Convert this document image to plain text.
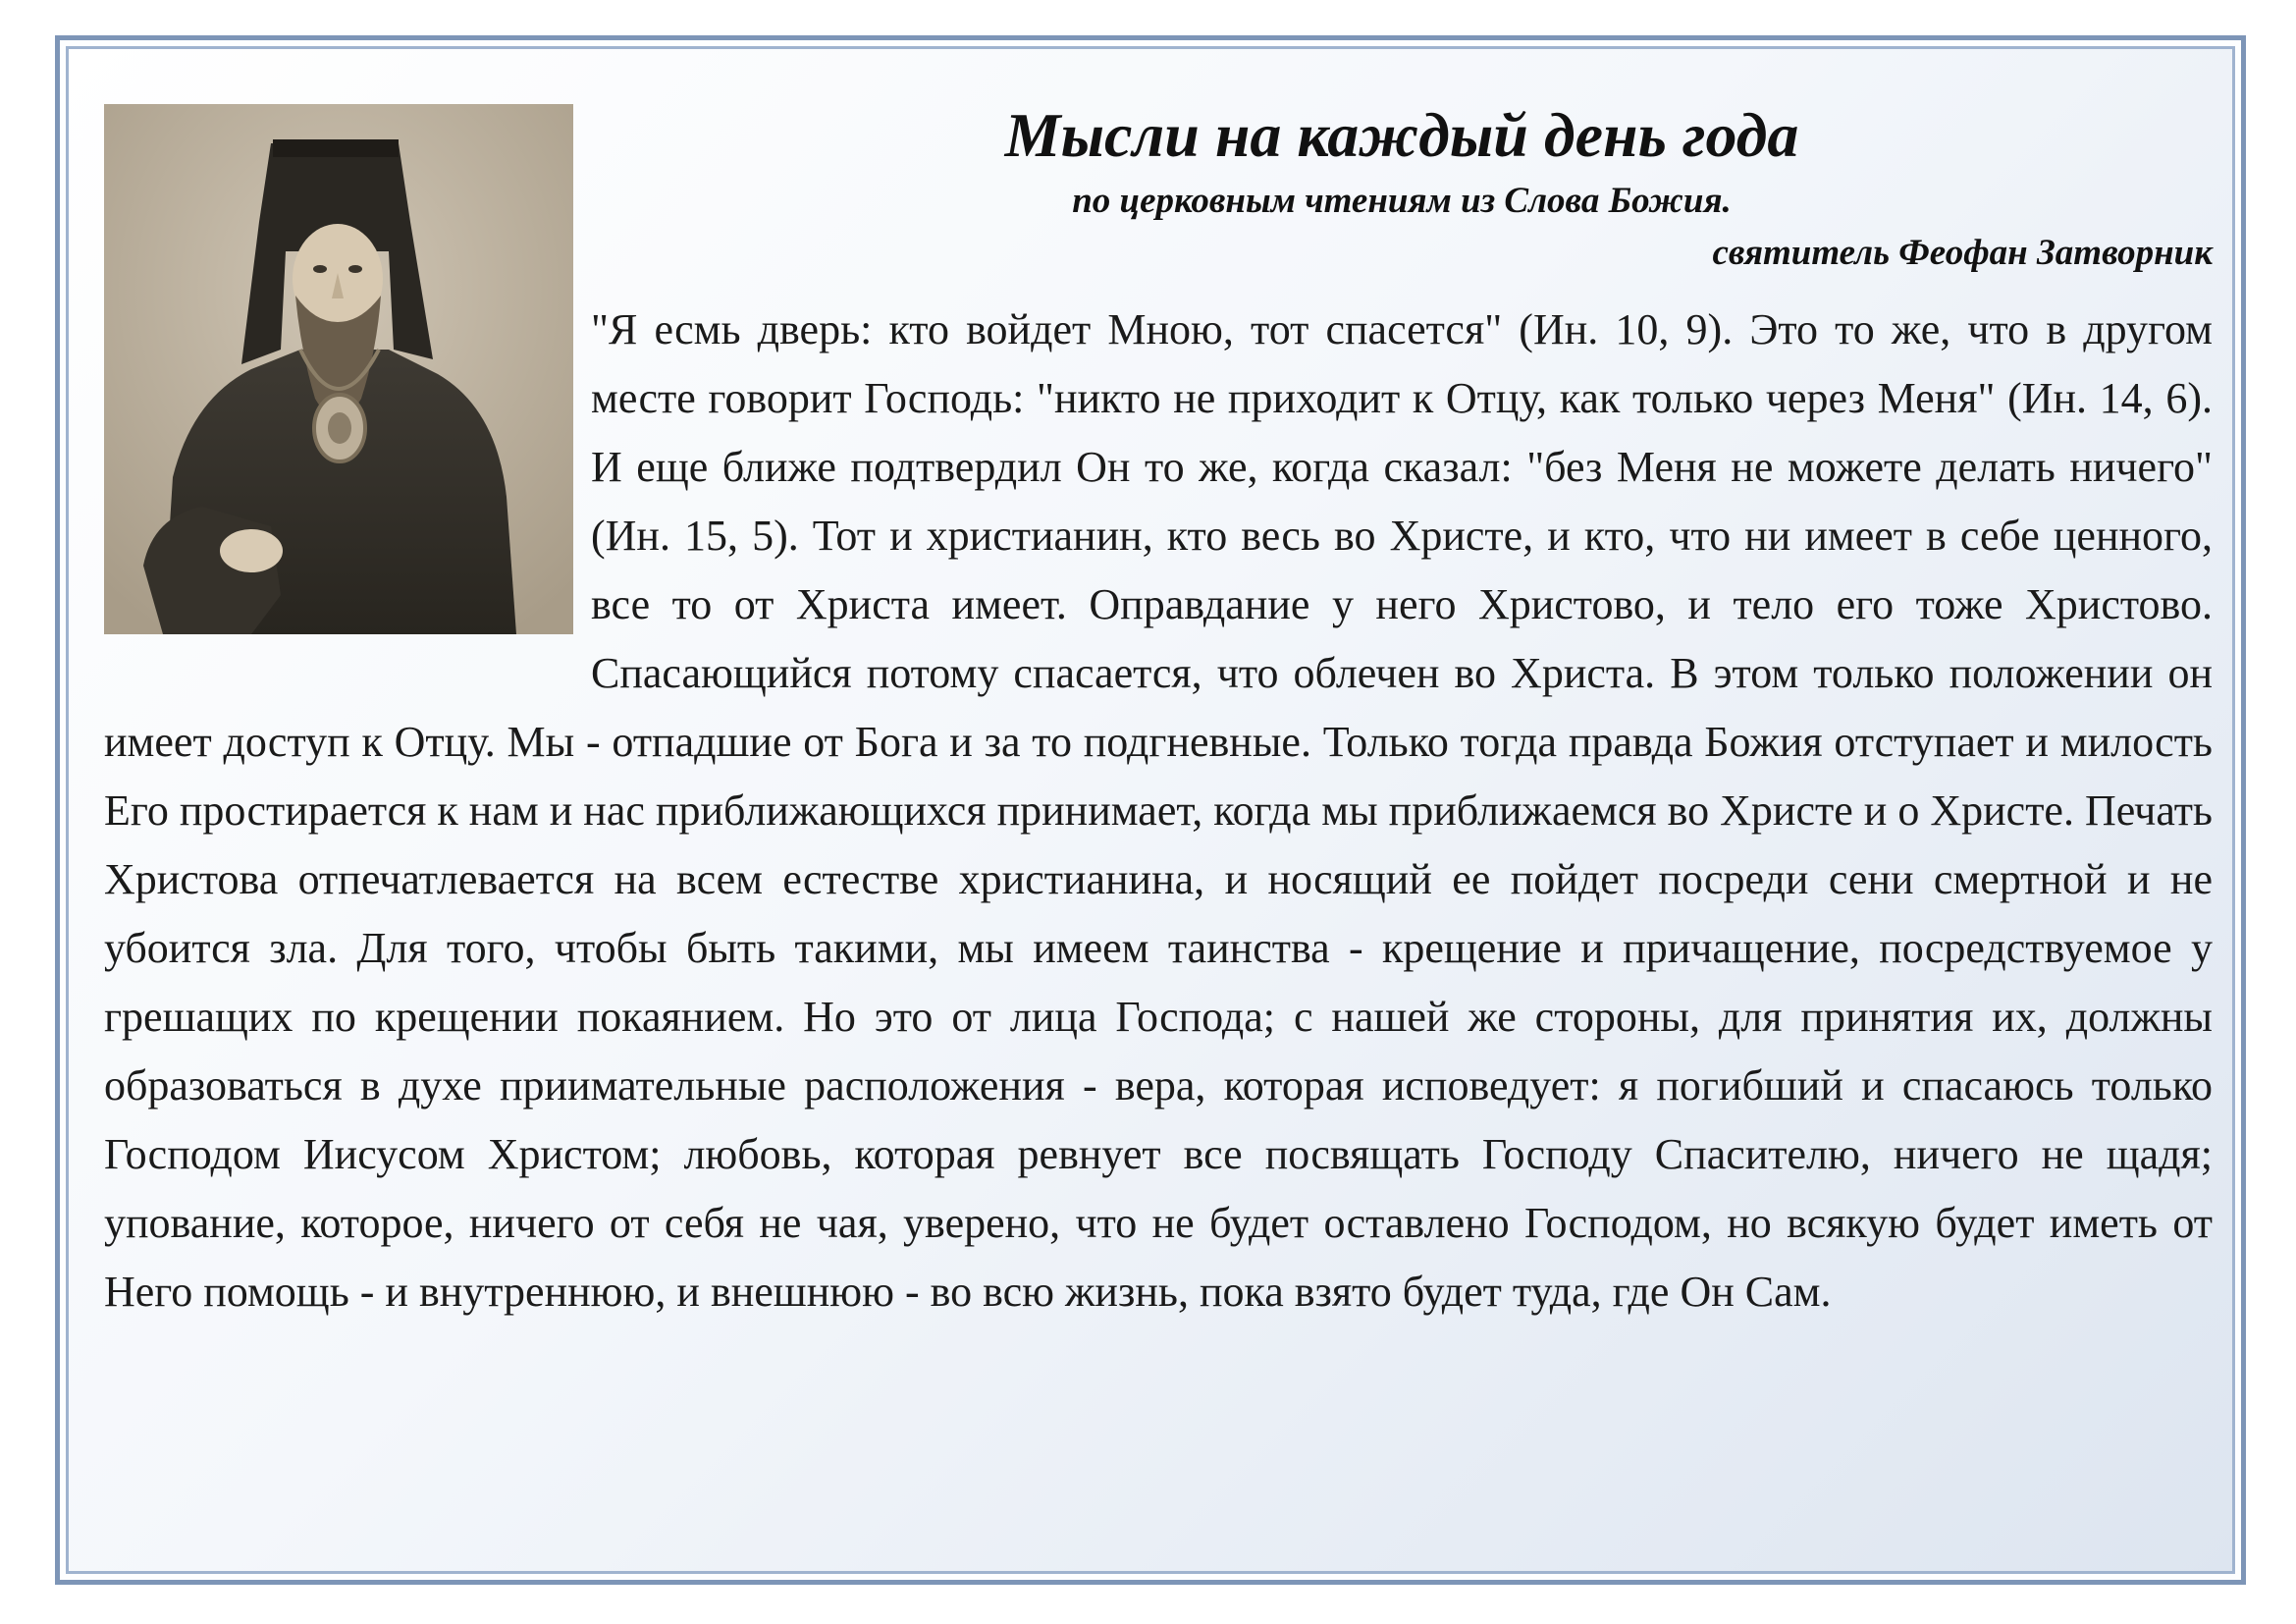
Мысли на каждый день года
по церковным чтениям из Слова Божия.
святитель Феофан Затворник

"Я есмь дверь: кто войдет Мною, тот спасется" (Ин. 10, 9). Это то же, что в другом месте говорит Господь: "никто не приходит к Отцу, как только через Меня" (Ин. 14, 6). И еще ближе подтвердил Он то же, когда сказал: "без Меня не можете делать ничего" (Ин. 15, 5). Тот и христианин, кто весь во Христе, и кто, что ни имеет в себе ценного, все то от Христа имеет. Оправдание у него Христово, и тело его тоже Христово. Спасающийся потому спасается, что облечен во Христа. В этом только положении он имеет доступ к Отцу. Мы - отпадшие от Бога и за то подгневные. Только тогда правда Божия отступает и милость Его простирается к нам и нас приближающихся принимает, когда мы приближаемся во Христе и о Христе. Печать Христова отпечатлевается на всем естестве христианина, и носящий ее пойдет посреди сени смертной и не убоится зла. Для того, чтобы быть такими, мы имеем таинства - крещение и причащение, посредствуемое у грешащих по крещении покаянием. Но это от лица Господа; с нашей же стороны, для принятия их, должны образоваться в духе приимательные расположения - вера, которая исповедует: я погибший и спасаюсь только Господом Иисусом Христом; любовь, которая ревнует все посвящать Господу Спасителю, ничего не щадя; упование, которое, ничего от себя не чая, уверено, что не будет оставлено Господом, но всякую будет иметь от Него помощь - и внутреннюю, и внешнюю - во всю жизнь, пока взято будет туда, где Он Сам.
